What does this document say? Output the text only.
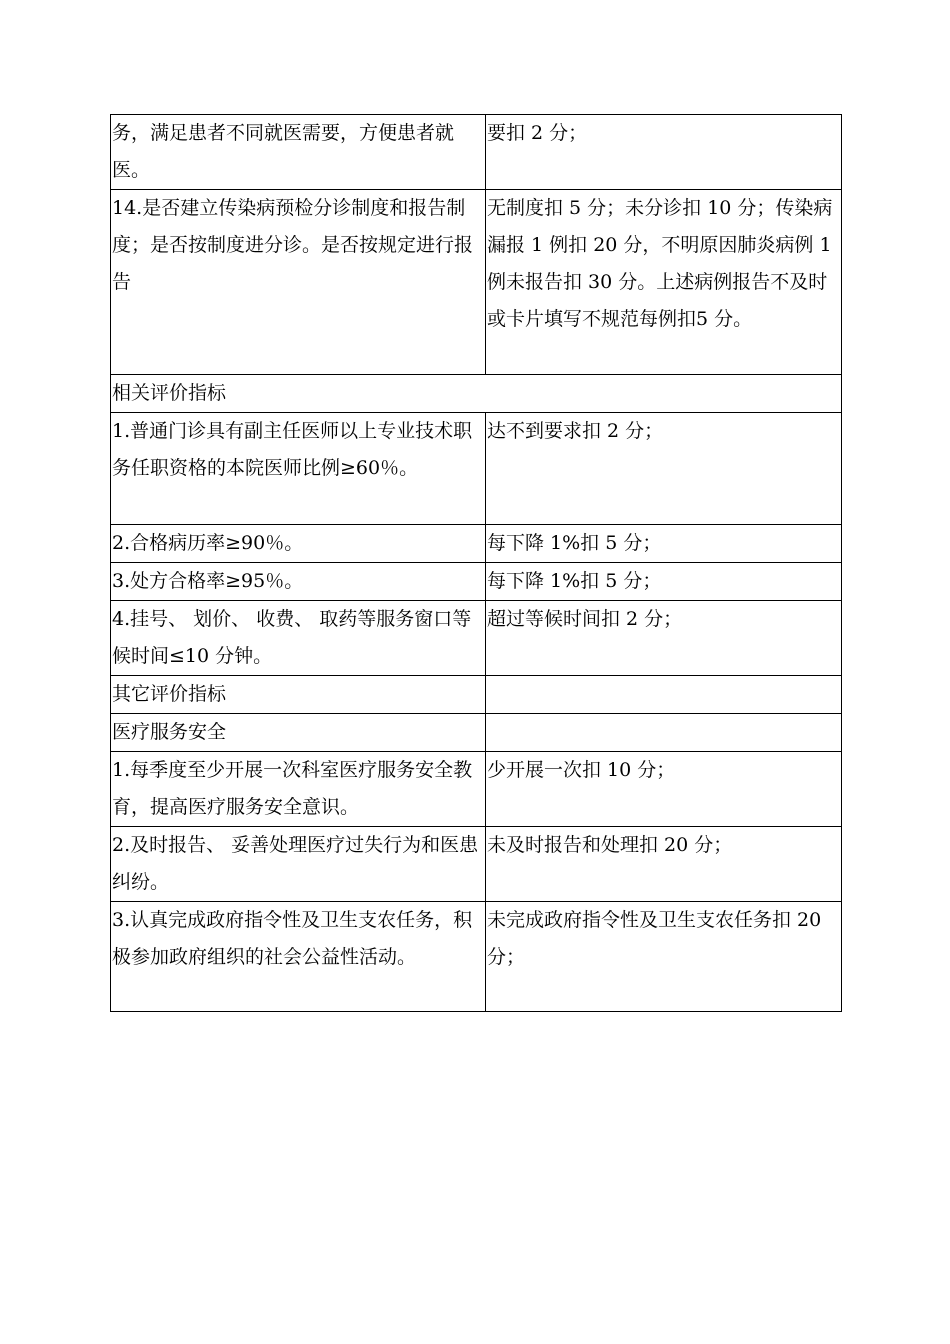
务，满足患者不同就医需要，方便患者就医。	要扣 2 分；
14.是否建立传染病预检分诊制度和报告制度；是否按制度进分诊。是否按规定进行报告	无制度扣 5 分；未分诊扣 10 分；传染病漏报 1 例扣 20 分，不明原因肺炎病例 1 例未报告扣 30 分。上述病例报告不及时或卡片填写不规范每例扣5 分。
相关评价指标	
1.普通门诊具有副主任医师以上专业技术职务任职资格的本院医师比例≥60％。	达不到要求扣 2 分；
2.合格病历率≥90％。	每下降 1%扣 5 分；
3.处方合格率≥95％。	每下降 1%扣 5 分；
4.挂号、 划价、 收费、 取药等服务窗口等候时间≤10 分钟。	超过等候时间扣 2 分；
其它评价指标	
医疗服务安全	
1.每季度至少开展一次科室医疗服务安全教育，提高医疗服务安全意识。	少开展一次扣 10 分；
2.及时报告、 妥善处理医疗过失行为和医患纠纷。	未及时报告和处理扣 20 分；
3.认真完成政府指令性及卫生支农任务，积极参加政府组织的社会公益性活动。	未完成政府指令性及卫生支农任务扣 20 分；
